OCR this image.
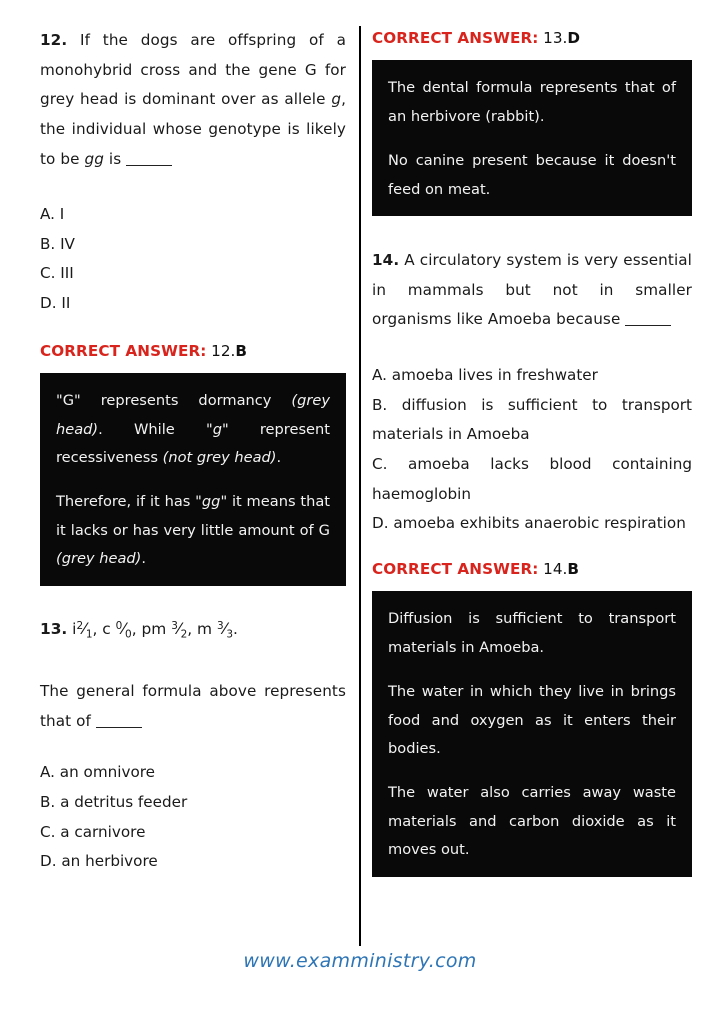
12. If the dogs are offspring of a monohybrid cross and the gene G for grey head is dominant over as allele g, the individual whose genotype is likely to be gg is
A. I
B. IV
C. III
D. II
CORRECT ANSWER: 12.B

"G" represents dormancy (grey head). While "g" represent recessiveness (not grey head).

Therefore, if it has "gg" it means that it lacks or has very little amount of G (grey head).

13. $i^2⁄_1$, c $^0⁄_0$, pm $^3⁄_2$, m $^3⁄_3$.
The general formula above represents that of
A. an omnivore
B. a detritus feeder
C. a carnivore
D. an herbivore
CORRECT ANSWER: 13.D

The dental formula represents that of an herbivore (rabbit).

No canine present because it doesn't feed on meat.

14. A circulatory system is very essential in mammals but not in smaller organisms like Amoeba because
A. amoeba lives in freshwater
B. diffusion is sufficient to transport materials in Amoeba
C. amoeba lacks blood containing haemoglobin
D. amoeba exhibits anaerobic respiration
CORRECT ANSWER: 14.B

Diffusion is sufficient to transport materials in Amoeba.

The water in which they live in brings food and oxygen as it enters their bodies.

The water also carries away waste materials and carbon dioxide as it moves out.

www.examministry.com
